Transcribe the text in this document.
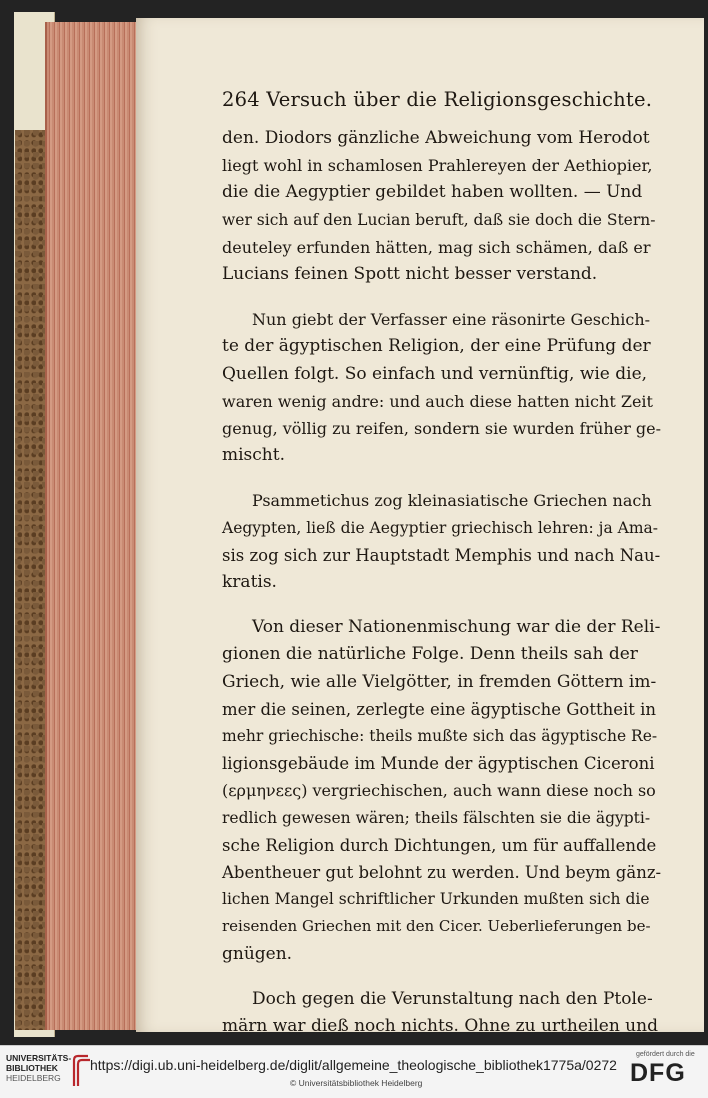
264 Versuch über die Religionsgeschichte.

den. Diodors gänzliche Abweichung vom Herodot

liegt wohl in schamlosen Prahlereyen der Aethiopier,

die die Aegyptier gebildet haben wollten. — Und

wer sich auf den Lucian beruft, daß sie doch die Stern-

deuteley erfunden hätten, mag sich schämen, daß er

Lucians feinen Spott nicht besser verstand.

Nun giebt der Verfasser eine räsonirte Geschich-

te der ägyptischen Religion, der eine Prüfung der

Quellen folgt. So einfach und vernünftig, wie die,

waren wenig andre: und auch diese hatten nicht Zeit

genug, völlig zu reifen, sondern sie wurden früher ge-

mischt.

Psammetichus zog kleinasiatische Griechen nach

Aegypten, ließ die Aegyptier griechisch lehren: ja Ama-

sis zog sich zur Hauptstadt Memphis und nach Nau-

kratis.

Von dieser Nationenmischung war die der Reli-

gionen die natürliche Folge. Denn theils sah der

Griech, wie alle Vielgötter, in fremden Göttern im-

mer die seinen, zerlegte eine ägyptische Gottheit in

mehr griechische: theils mußte sich das ägyptische Re-

ligionsgebäude im Munde der ägyptischen Ciceroni

(ερμηνεες) vergriechischen, auch wann diese noch so

redlich gewesen wären; theils fälschten sie die ägypti-

sche Religion durch Dichtungen, um für auffallende

Abentheuer gut belohnt zu werden. Und beym gänz-

lichen Mangel schriftlicher Urkunden mußten sich die

reisenden Griechen mit den Cicer. Ueberlieferungen be-

gnügen.

Doch gegen die Verunstaltung nach den Ptole-

märn war dieß noch nichts. Ohne zu urtheilen und

UNIVERSITÄTS-
BIBLIOTHEK
HEIDELBERG
https://digi.ub.uni-heidelberg.de/diglit/allgemeine_theologische_bibliothek1775a/0272
© Universitätsbibliothek Heidelberg
gefördert durch die
DFG
